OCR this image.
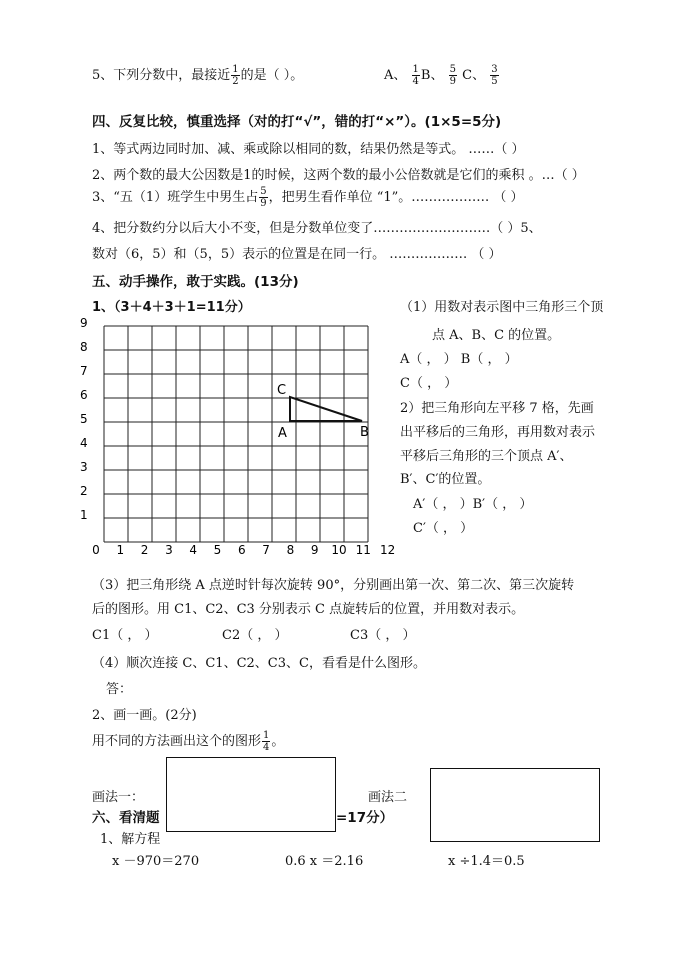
5、下列分数中，最接近 $\frac{1}{2}$ 的是（ ）。	A、 $\frac{1}{4}$ B、 $\frac{5}{9}$ C、 $\frac{3}{5}$
四、反复比较，慎重选择（对的打“√”，错的打“×”）。(1×5=5分)
1、等式两边同时加、减、乘或除以相同的数，结果仍然是等式。 ……（ ）
2、两个数的最大公因数是1的时候，这两个数的最小公倍数就是它们的乘积 。…（ ）
3、“五（1）班学生中男生占 $\frac{5}{9}$ ，把男生看作单位 “1”。……………… （ ）
4、把分数约分以后大小不变，但是分数单位变了………………………（ ）5、
数对（6，5）和（5，5）表示的位置是在同一行。 ……………… （ ）
五、动手操作，敢于实践。(13分)
1、（3＋4＋3＋1=11分）
0 1 2 3 4 5 6 7 8 9 10 11 12
1
2
3
4
5
6
7
8
9
C
A	B
（1）用数对表示图中三角形三个顶
点 A、B、C 的位置。
A（ ， ） B（ ， ）
C（ ， ）
2）把三角形向左平移 7 格，先画
出平移后的三角形，再用数对表示
平移后三角形的三个顶点 A′、
B′、C′的位置。
A′（ ， ）B′（ ， ）
C′（ ， ）
（3）把三角形绕 A 点逆时针每次旋转 90°，分别画出第一次、第二次、第三次旋转
后的图形。用 C1、C2、C3 分别表示 C 点旋转后的位置，并用数对表示。
C1（ ， ）	C2（ ， ）	C3（ ， ）
（4）顺次连接 C、C1、C2、C3、C，看看是什么图形。
答：
2、画一画。(2分)
用不同的方法画出这个的图形 $\frac{1}{4}$ 。
六、看清题	=17分）
画法一：	画法二
1、解方程
x －970＝270	0.6 x ＝2.16	x ÷1.4＝0.5
